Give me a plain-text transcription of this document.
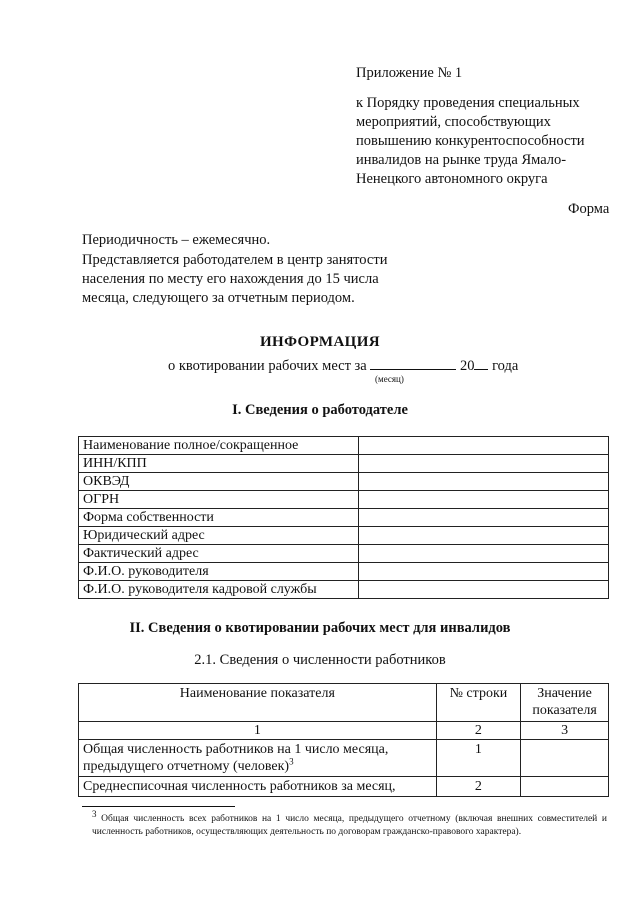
Приложение № 1
к Порядку проведения специальных мероприятий, способствующих повышению конкурентоспособности инвалидов на рынке труда Ямало-Ненецкого автономного округа
Форма
Периодичность – ежемесячно.
Представляется работодателем в центр занятости населения по месту его нахождения до 15 числа месяца, следующего за отчетным периодом.
ИНФОРМАЦИЯ
о квотировании рабочих мест за	20 года
(месяц)
I. Сведения о работодателе
Наименование полное/сокращенное	
ИНН/КПП	
ОКВЭД	
ОГРН	
Форма собственности	
Юридический адрес	
Фактический адрес	
Ф.И.О. руководителя	
Ф.И.О. руководителя кадровой службы	
II. Сведения о квотировании рабочих мест для инвалидов
2.1. Сведения о численности работников
Наименование показателя	№ строки	Значение показателя
1	2	3
Общая численность работников на 1 число месяца, предыдущего отчетному (человек)$^3$	1	
Среднесписочная численность работников за месяц,	2	
$^3$ Общая численность всех работников на 1 число месяца, предыдущего отчетному (включая внешних совместителей и численность работников, осуществляющих деятельность по договорам гражданско-правового характера).
